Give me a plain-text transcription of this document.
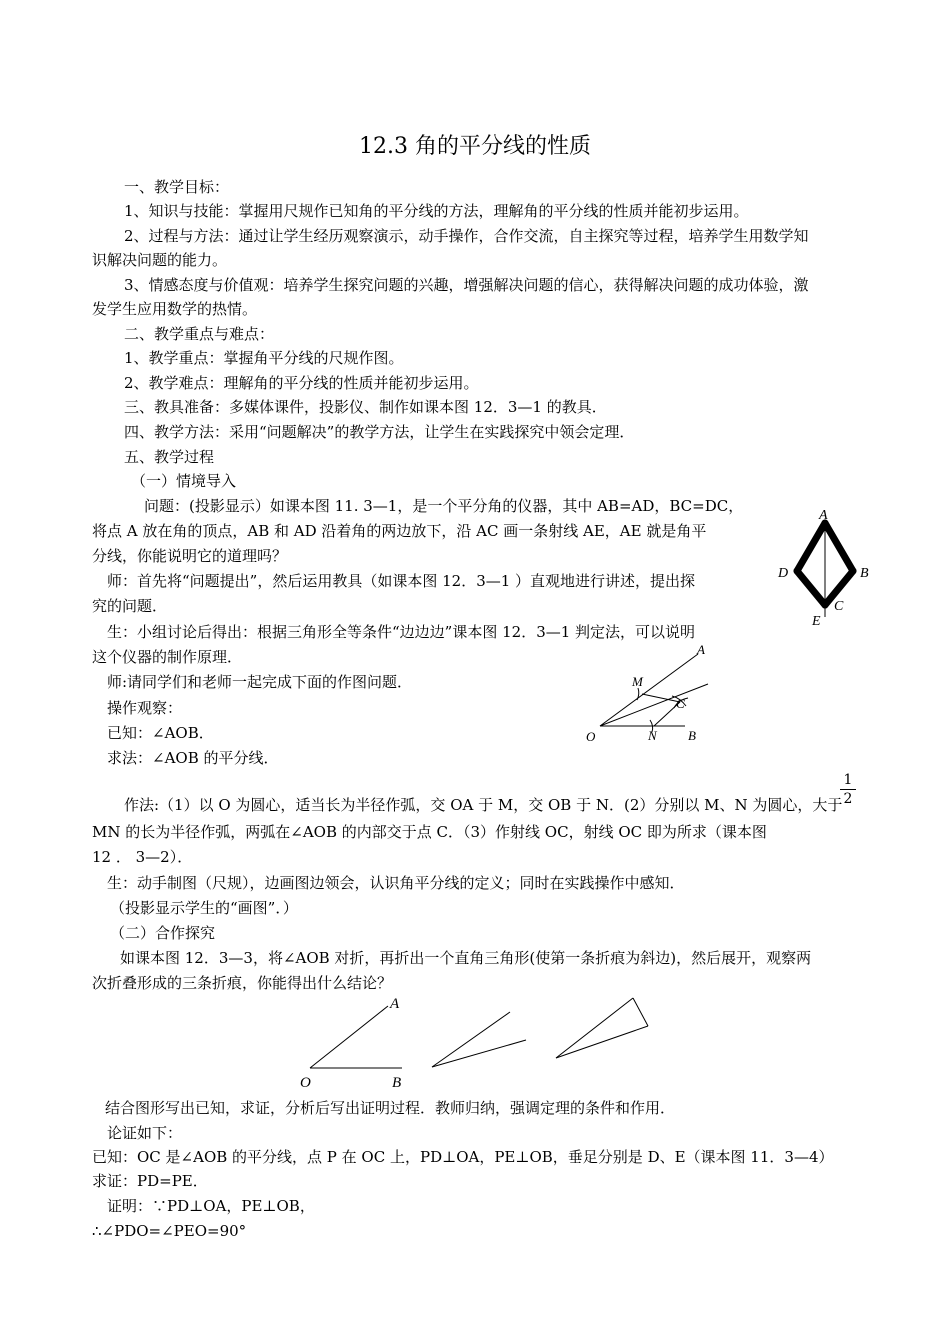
12.3 角的平分线的性质
一、教学目标：
1、知识与技能：掌握用尺规作已知角的平分线的方法，理解角的平分线的性质并能初步运用。
2、过程与方法：通过让学生经历观察演示，动手操作，合作交流，自主探究等过程，培养学生用数学知
识解决问题的能力。
3、情感态度与价值观：培养学生探究问题的兴趣，增强解决问题的信心，获得解决问题的成功体验，激
发学生应用数学的热情。
二、教学重点与难点：
1、教学重点：掌握角平分线的尺规作图。
2、教学难点：理解角的平分线的性质并能初步运用。
三、教具准备：多媒体课件，投影仪、制作如课本图 12．3—1 的教具．
四、教学方法：采用“问题解决”的教学方法，让学生在实践探究中领会定理．
五、教学过程
（一）情境导入
问题：(投影显示）如课本图 11. 3—1，是一个平分角的仪器，其中 AB=AD，BC=DC，
将点 A 放在角的顶点，AB 和 AD 沿着角的两边放下，沿 AC 画一条射线 AE，AE 就是角平
分线，你能说明它的道理吗？
师：首先将“问题提出”，然后运用教具（如课本图 12．3—1 ）直观地进行讲述，提出探
究的问题．
生：小组讨论后得出：根据三角形全等条件“边边边”课本图 12．3—1 判定法，可以说明
这个仪器的制作原理．
师:请同学们和老师一起完成下面的作图问题．
操作观察：
已知：∠AOB．
求法：∠AOB 的平分线．
1
2
作法:（1）以 O 为圆心，适当长为半径作弧，交 OA 于 M，交 OB 于 N．(2）分别以 M、N 为圆心，大于
MN 的长为半径作弧，两弧在∠AOB 的内部交于点 C．（3）作射线 OC，射线 OC 即为所求（课本图
12 ． 3—2）．
生：动手制图（尺规），边画图边领会，认识角平分线的定义；同时在实践操作中感知．
（投影显示学生的“画图”．）
（二）合作探究
如课本图 12．3—3，将∠AOB 对折，再折出一个直角三角形(使第一条折痕为斜边)，然后展开，观察两
次折叠形成的三条折痕，你能得出什么结论？
结合图形写出已知，求证，分析后写出证明过程．教师归纳，强调定理的条件和作用．
论证如下：
已知：OC 是∠AOB 的平分线，点 P 在 OC 上，PD⊥OA，PE⊥OB，垂足分别是 D、E（课本图 11．3—4）
求证：PD=PE．
证明：∵PD⊥OA，PE⊥OB，
∴∠PDO=∠PEO=90°
A
B
C
D
E
A
M
C
O	N B
A
O	B
